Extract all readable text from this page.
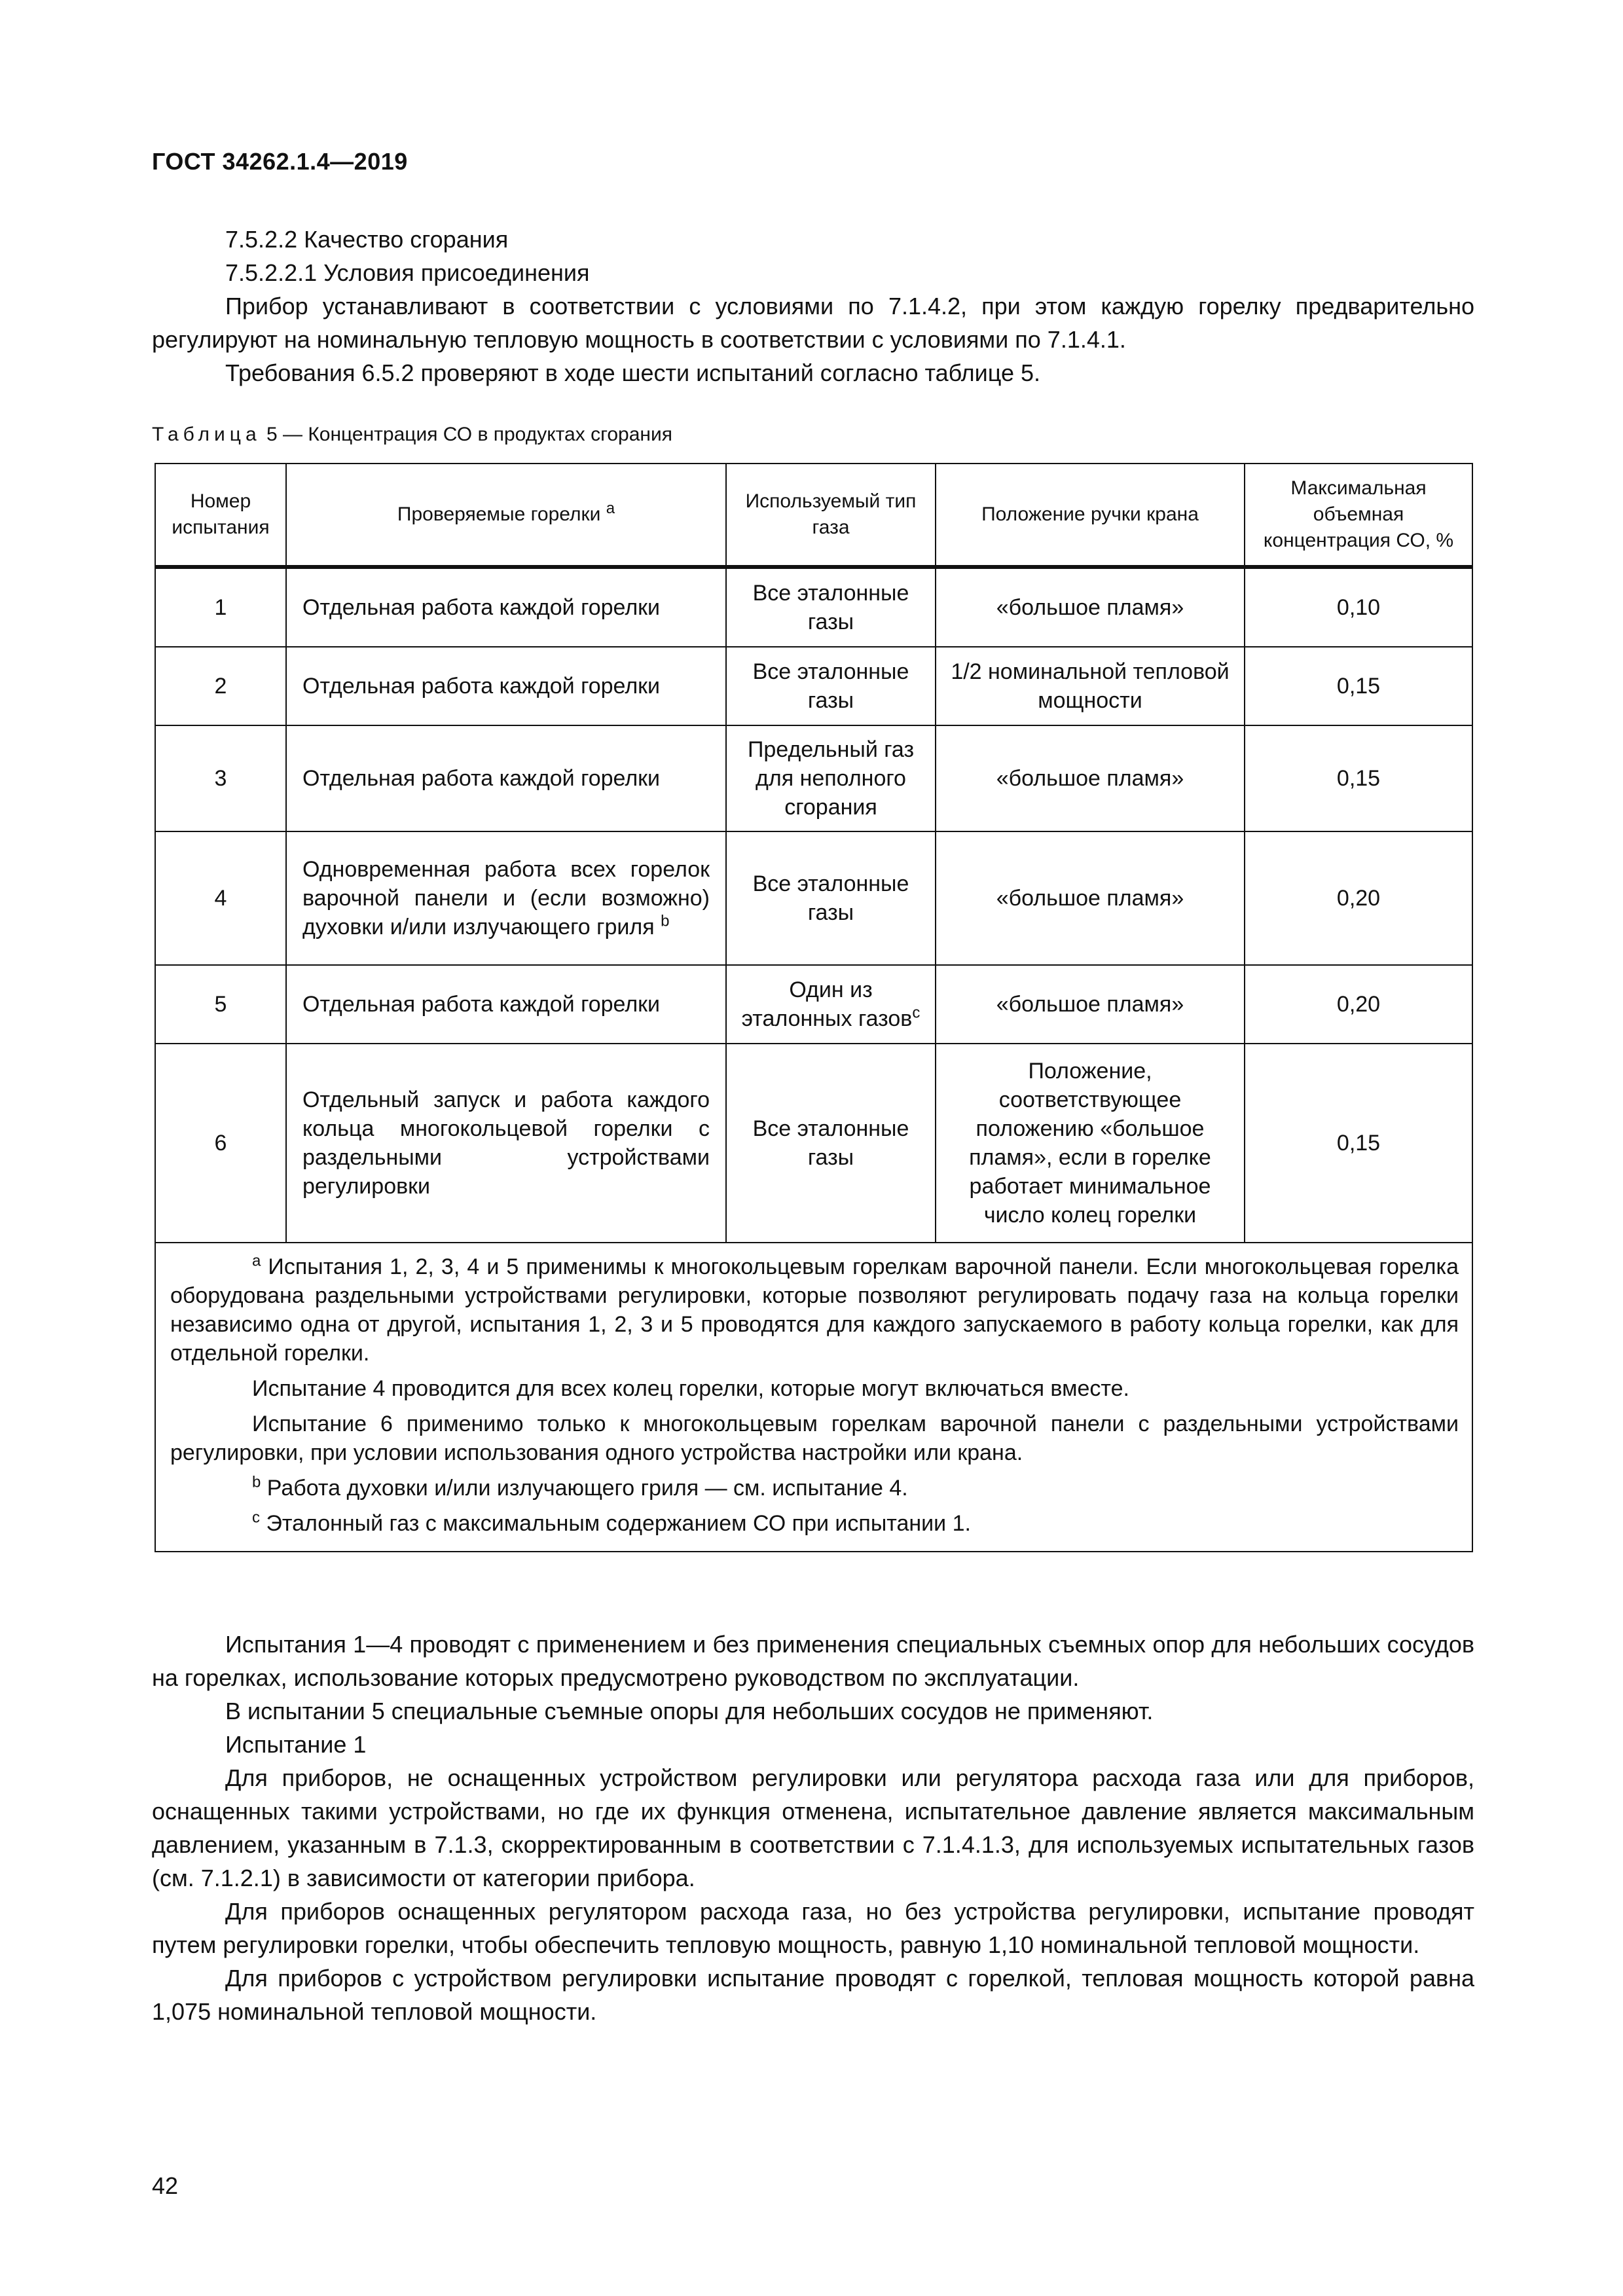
ГОСТ 34262.1.4—2019

7.5.2.2 Качество сгорания

7.5.2.2.1 Условия присоединения

Прибор устанавливают в соответствии с условиями по 7.1.4.2, при этом каждую горелку предварительно регулируют на номинальную тепловую мощность в соответствии с условиями по 7.1.4.1.

Требования 6.5.2 проверяют в ходе шести испытаний согласно таблице 5.

Таблица 5 — Концентрация СО в продуктах сгорания
Номер испытания	Проверяемые горелки $^a$	Используемый тип газа	Положение ручки крана	Максимальная объемная концентрация СО, %
1	Отдельная работа каждой горелки	Все эталонные газы	«большое пламя»	0,10
2	Отдельная работа каждой горелки	Все эталонные газы	1/2 номинальной тепловой мощности	0,15
3	Отдельная работа каждой горелки	Предельный газ для неполного сгорания	«большое пламя»	0,15
4	Одновременная работа всех горелок варочной панели и (если возможно) духовки и/или излучающего гриля $^b$	Все эталонные газы	«большое пламя»	0,20
5	Отдельная работа каждой горелки	Один из эталонных газов$^c$	«большое пламя»	0,20
6	Отдельный запуск и работа каждого кольца многокольцевой горелки с раздельными устройствами регулировки	Все эталонные газы	Положение, соответствующее положению «большое пламя», если в горелке работает минимальное число колец горелки	0,15

$^a$ Испытания 1, 2, 3, 4 и 5 применимы к многокольцевым горелкам варочной панели. Если многокольцевая горелка оборудована раздельными устройствами регулировки, которые позволяют регулировать подачу газа на кольца горелки независимо одна от другой, испытания 1, 2, 3 и 5 проводятся для каждого запускаемого в работу кольца горелки, как для отдельной горелки.

Испытание 4 проводится для всех колец горелки, которые могут включаться вместе.

Испытание 6 применимо только к многокольцевым горелкам варочной панели с раздельными устройствами регулировки, при условии использования одного устройства настройки или крана.

$^b$ Работа духовки и/или излучающего гриля — см. испытание 4.

$^c$ Эталонный газ с максимальным содержанием СО при испытании 1.				

Испытания 1—4 проводят с применением и без применения специальных съемных опор для небольших сосудов на горелках, использование которых предусмотрено руководством по эксплуатации.

В испытании 5 специальные съемные опоры для небольших сосудов не применяют.

Испытание 1

Для приборов, не оснащенных устройством регулировки или регулятора расхода газа или для приборов, оснащенных такими устройствами, но где их функция отменена, испытательное давление является максимальным давлением, указанным в 7.1.3, скорректированным в соответствии с 7.1.4.1.3, для используемых испытательных газов (см. 7.1.2.1) в зависимости от категории прибора.

Для приборов оснащенных регулятором расхода газа, но без устройства регулировки, испытание проводят путем регулировки горелки, чтобы обеспечить тепловую мощность, равную 1,10 номинальной тепловой мощности.

Для приборов с устройством регулировки испытание проводят с горелкой, тепловая мощность которой равна 1,075 номинальной тепловой мощности.

42
